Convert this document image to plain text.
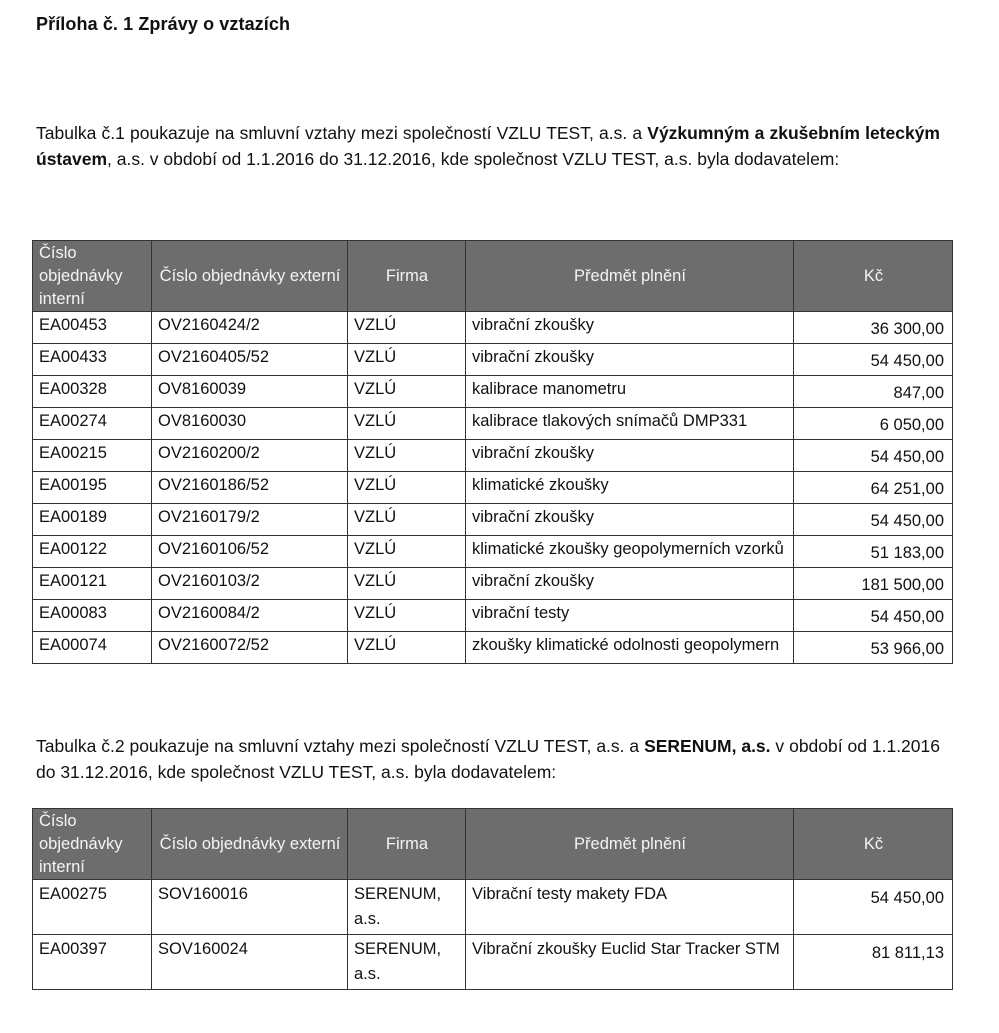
Příloha č. 1 Zprávy o vztazích
Tabulka č.1 poukazuje na smluvní vztahy mezi společností VZLU TEST, a.s. a Výzkumným a zkušebním leteckým ústavem, a.s. v období od 1.1.2016 do 31.12.2016, kde společnost VZLU TEST, a.s. byla dodavatelem:
Číslo objednávky interní	Číslo objednávky externí	Firma	Předmět plnění	Kč
EA00453	OV2160424/2	VZLÚ	vibrační zkoušky	36 300,00
EA00433	OV2160405/52	VZLÚ	vibrační zkoušky	54 450,00
EA00328	OV8160039	VZLÚ	kalibrace manometru	847,00
EA00274	OV8160030	VZLÚ	kalibrace tlakových snímačů DMP331	6 050,00
EA00215	OV2160200/2	VZLÚ	vibrační zkoušky	54 450,00
EA00195	OV2160186/52	VZLÚ	klimatické zkoušky	64 251,00
EA00189	OV2160179/2	VZLÚ	vibrační zkoušky	54 450,00
EA00122	OV2160106/52	VZLÚ	klimatické zkoušky geopolymerních vzorků	51 183,00
EA00121	OV2160103/2	VZLÚ	vibrační zkoušky	181 500,00
EA00083	OV2160084/2	VZLÚ	vibrační testy	54 450,00
EA00074	OV2160072/52	VZLÚ	zkoušky klimatické odolnosti geopolymern	53 966,00
Tabulka č.2 poukazuje na smluvní vztahy mezi společností VZLU TEST, a.s. a SERENUM, a.s. v období od 1.1.2016 do 31.12.2016, kde společnost VZLU TEST, a.s. byla dodavatelem:
Číslo objednávky interní	Číslo objednávky externí	Firma	Předmět plnění	Kč
EA00275	SOV160016	SERENUM, a.s.	Vibrační testy makety FDA	54 450,00
EA00397	SOV160024	SERENUM, a.s.	Vibrační zkoušky Euclid Star Tracker STM	81 811,13
